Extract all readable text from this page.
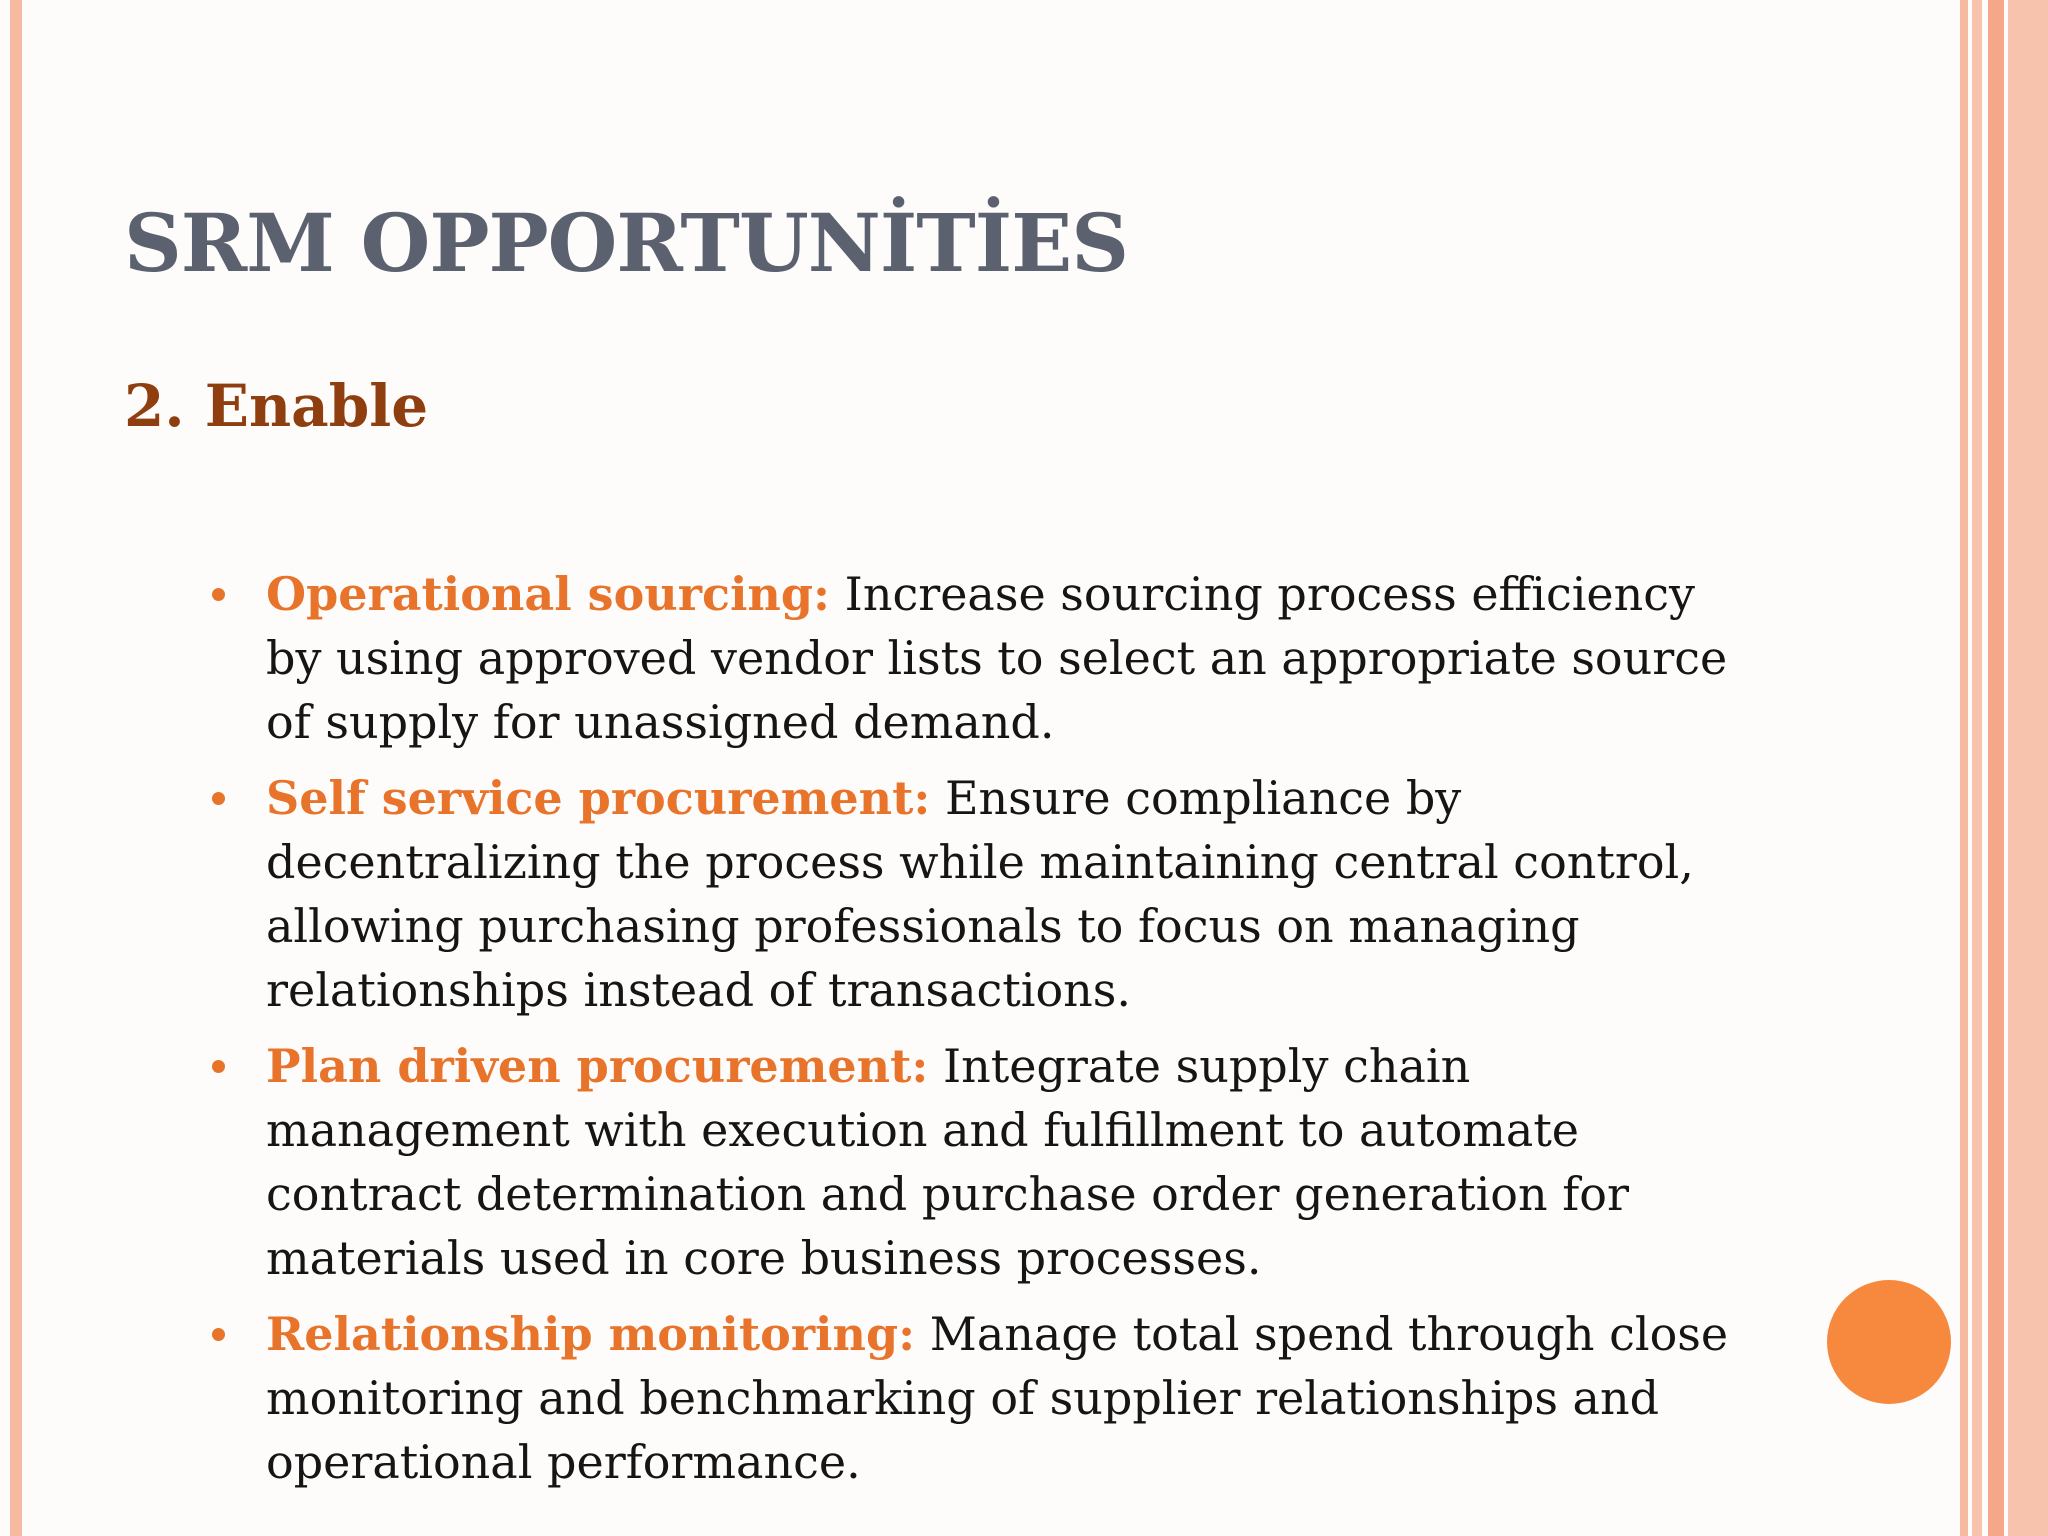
SRM OPPORTUNİTİES
2. Enable
Operational sourcing: Increase sourcing process efficiency by using approved vendor lists to select an appropriate source of supply for unassigned demand.
Self service procurement: Ensure compliance by decentralizing the process while maintaining central control, allowing purchasing professionals to focus on managing relationships instead of transactions.
Plan driven procurement: Integrate supply chain management with execution and fulfillment to automate contract determination and purchase order generation for materials used in core business processes.
Relationship monitoring: Manage total spend through close monitoring and benchmarking of supplier relationships and operational performance.
